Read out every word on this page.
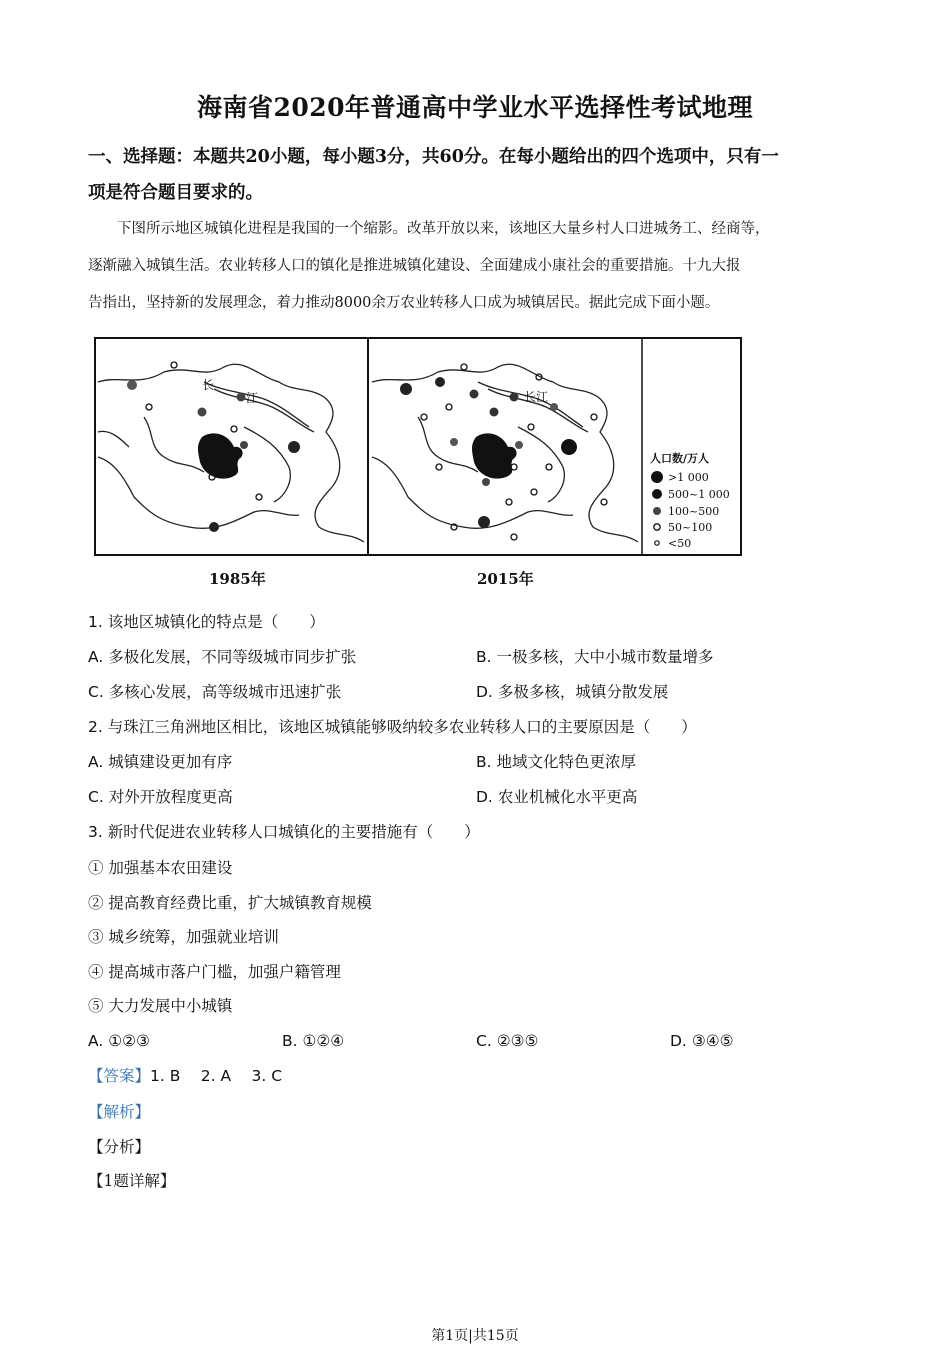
海南省2020年普通高中学业水平选择性考试地理
一、选择题：本题共20小题，每小题3分，共60分。在每小题给出的四个选项中，只有一
项是符合题目要求的。

下图所示地区城镇化进程是我国的一个缩影。改革开放以来，该地区大量乡村人口进城务工、经商等，

逐渐融入城镇生活。农业转移人口的镇化是推进城镇化建设、全面建成小康社会的重要措施。十九大报
告指出，坚持新的发展理念，着力推动8000余万农业转移人口成为城镇居民。据此完成下面小题。
长
江	长江
人口数/万人
>1 000
500~1 000
100~500
50~100
<50
1985年	2015年
1. 该地区城镇化的特点是（　　）
A. 多极化发展，不同等级城市同步扩张	B. 一极多核，大中小城市数量增多
C. 多核心发展，高等级城市迅速扩张	D. 多极多核，城镇分散发展
2. 与珠江三角洲地区相比，该地区城镇能够吸纳较多农业转移人口的主要原因是（　　）
A. 城镇建设更加有序	B. 地域文化特色更浓厚
C. 对外开放程度更高	D. 农业机械化水平更高
3. 新时代促进农业转移人口城镇化的主要措施有（　　）
① 加强基本农田建设
② 提高教育经费比重，扩大城镇教育规模
③ 城乡统筹，加强就业培训
④ 提高城市落户门槛，加强户籍管理
⑤ 大力发展中小城镇
A. ①②③	B. ①②④	C. ②③⑤	D. ③④⑤
【答案】1. B　 2. A　 3. C
【解析】
【分析】
【1题详解】
第1页|共15页
